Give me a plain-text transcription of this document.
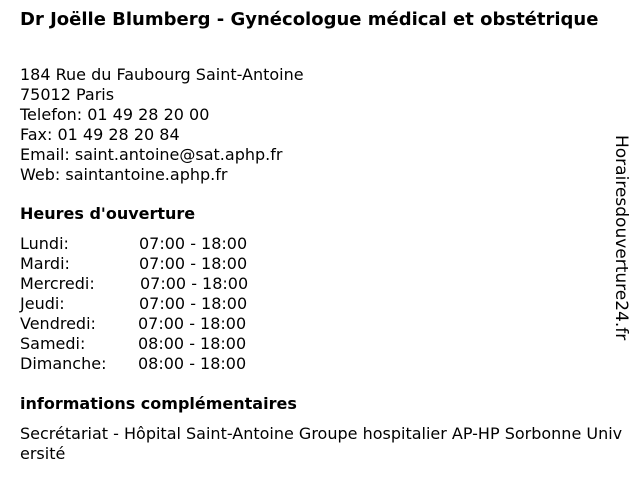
Dr Joëlle Blumberg - Gynécologue médical et obstétrique
184 Rue du Faubourg Saint-Antoine
75012 Paris
Telefon: 01 49 28 20 00
Fax: 01 49 28 20 84
Email: saint.antoine@sat.aphp.fr
Web: saintantoine.aphp.fr
Heures d'ouverture
Lundi:	07:00 - 18:00
Mardi:	07:00 - 18:00
Mercredi:	07:00 - 18:00
Jeudi:	07:00 - 18:00
Vendredi:	07:00 - 18:00
Samedi:	08:00 - 18:00
Dimanche: 08:00 - 18:00
informations complémentaires
Secrétariat - Hôpital Saint-Antoine Groupe hospitalier AP-HP Sorbonne Université
Horairesdouverture24.fr
